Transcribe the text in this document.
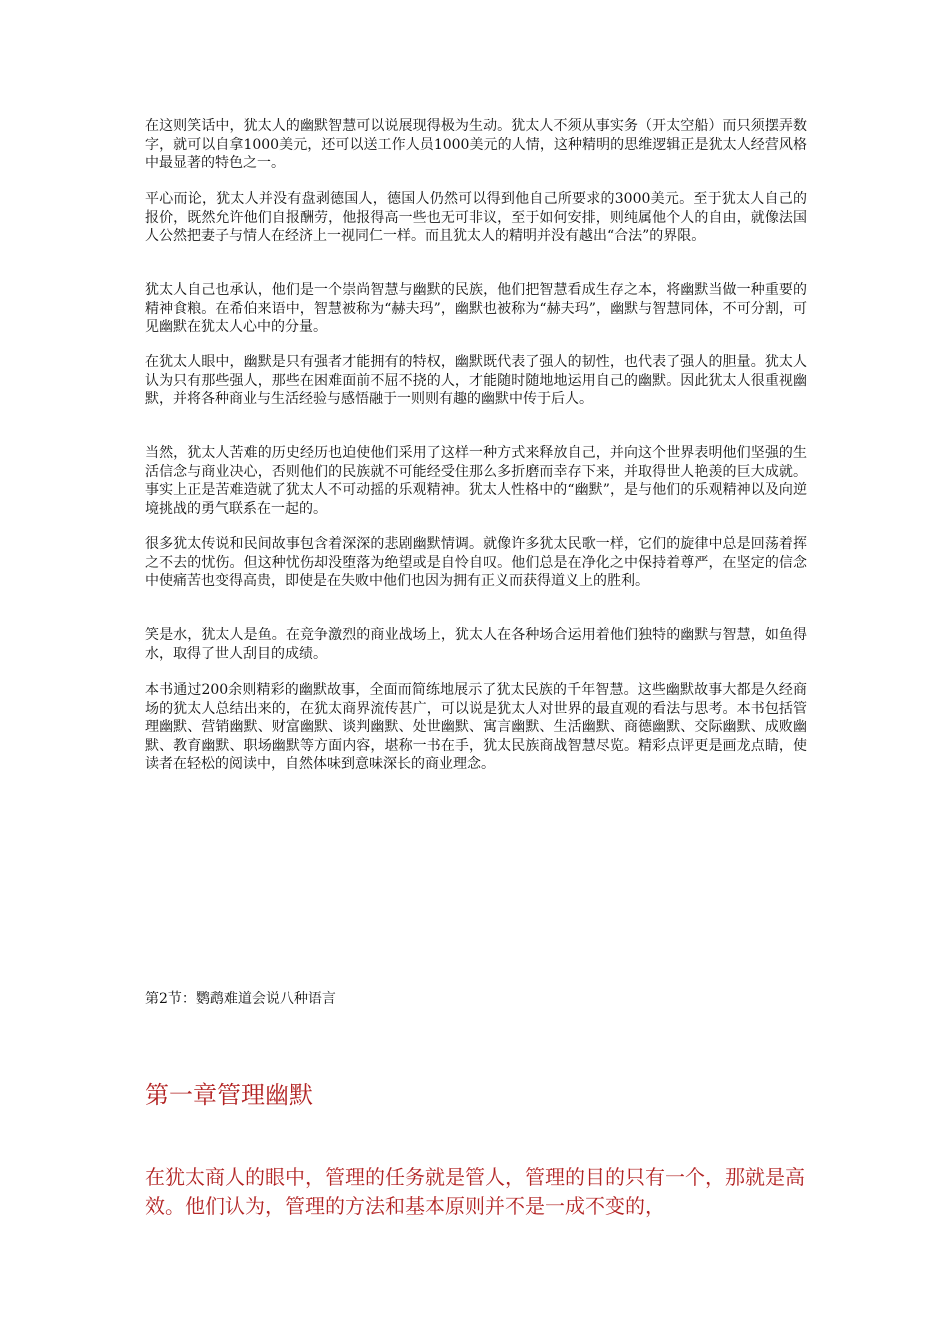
在这则笑话中，犹太人的幽默智慧可以说展现得极为生动。犹太人不须从事实务（开太空船）而只须摆弄数字，就可以自拿1000美元，还可以送工作人员1000美元的人情，这种精明的思维逻辑正是犹太人经营风格中最显著的特色之一。

平心而论，犹太人并没有盘剥德国人，德国人仍然可以得到他自己所要求的3000美元。至于犹太人自己的报价，既然允许他们自报酬劳，他报得高一些也无可非议，至于如何安排，则纯属他个人的自由，就像法国人公然把妻子与情人在经济上一视同仁一样。而且犹太人的精明并没有越出“合法”的界限。

犹太人自己也承认，他们是一个崇尚智慧与幽默的民族，他们把智慧看成生存之本，将幽默当做一种重要的精神食粮。在希伯来语中，智慧被称为“赫夫玛”，幽默也被称为“赫夫玛”，幽默与智慧同体，不可分割，可见幽默在犹太人心中的分量。

在犹太人眼中，幽默是只有强者才能拥有的特权，幽默既代表了强人的韧性，也代表了强人的胆量。犹太人认为只有那些强人，那些在困难面前不屈不挠的人，才能随时随地地运用自己的幽默。因此犹太人很重视幽默，并将各种商业与生活经验与感悟融于一则则有趣的幽默中传于后人。

当然，犹太人苦难的历史经历也迫使他们采用了这样一种方式来释放自己，并向这个世界表明他们坚强的生活信念与商业决心，否则他们的民族就不可能经受住那么多折磨而幸存下来，并取得世人艳羡的巨大成就。事实上正是苦难造就了犹太人不可动摇的乐观精神。犹太人性格中的“幽默”，是与他们的乐观精神以及向逆境挑战的勇气联系在一起的。

很多犹太传说和民间故事包含着深深的悲剧幽默情调。就像许多犹太民歌一样，它们的旋律中总是回荡着挥之不去的忧伤。但这种忧伤却没堕落为绝望或是自怜自叹。他们总是在净化之中保持着尊严，在坚定的信念中使痛苦也变得高贵，即使是在失败中他们也因为拥有正义而获得道义上的胜利。

笑是水，犹太人是鱼。在竞争激烈的商业战场上，犹太人在各种场合运用着他们独特的幽默与智慧，如鱼得水，取得了世人刮目的成绩。

本书通过200余则精彩的幽默故事，全面而简练地展示了犹太民族的千年智慧。这些幽默故事大都是久经商场的犹太人总结出来的，在犹太商界流传甚广，可以说是犹太人对世界的最直观的看法与思考。本书包括管理幽默、营销幽默、财富幽默、谈判幽默、处世幽默、寓言幽默、生活幽默、商德幽默、交际幽默、成败幽默、教育幽默、职场幽默等方面内容，堪称一书在手，犹太民族商战智慧尽览。精彩点评更是画龙点睛，使读者在轻松的阅读中，自然体味到意味深长的商业理念。

第2节：鹦鹉难道会说八种语言

第一章管理幽默

在犹太商人的眼中，管理的任务就是管人，管理的目的只有一个，那就是高效。他们认为，管理的方法和基本原则并不是一成不变的，
